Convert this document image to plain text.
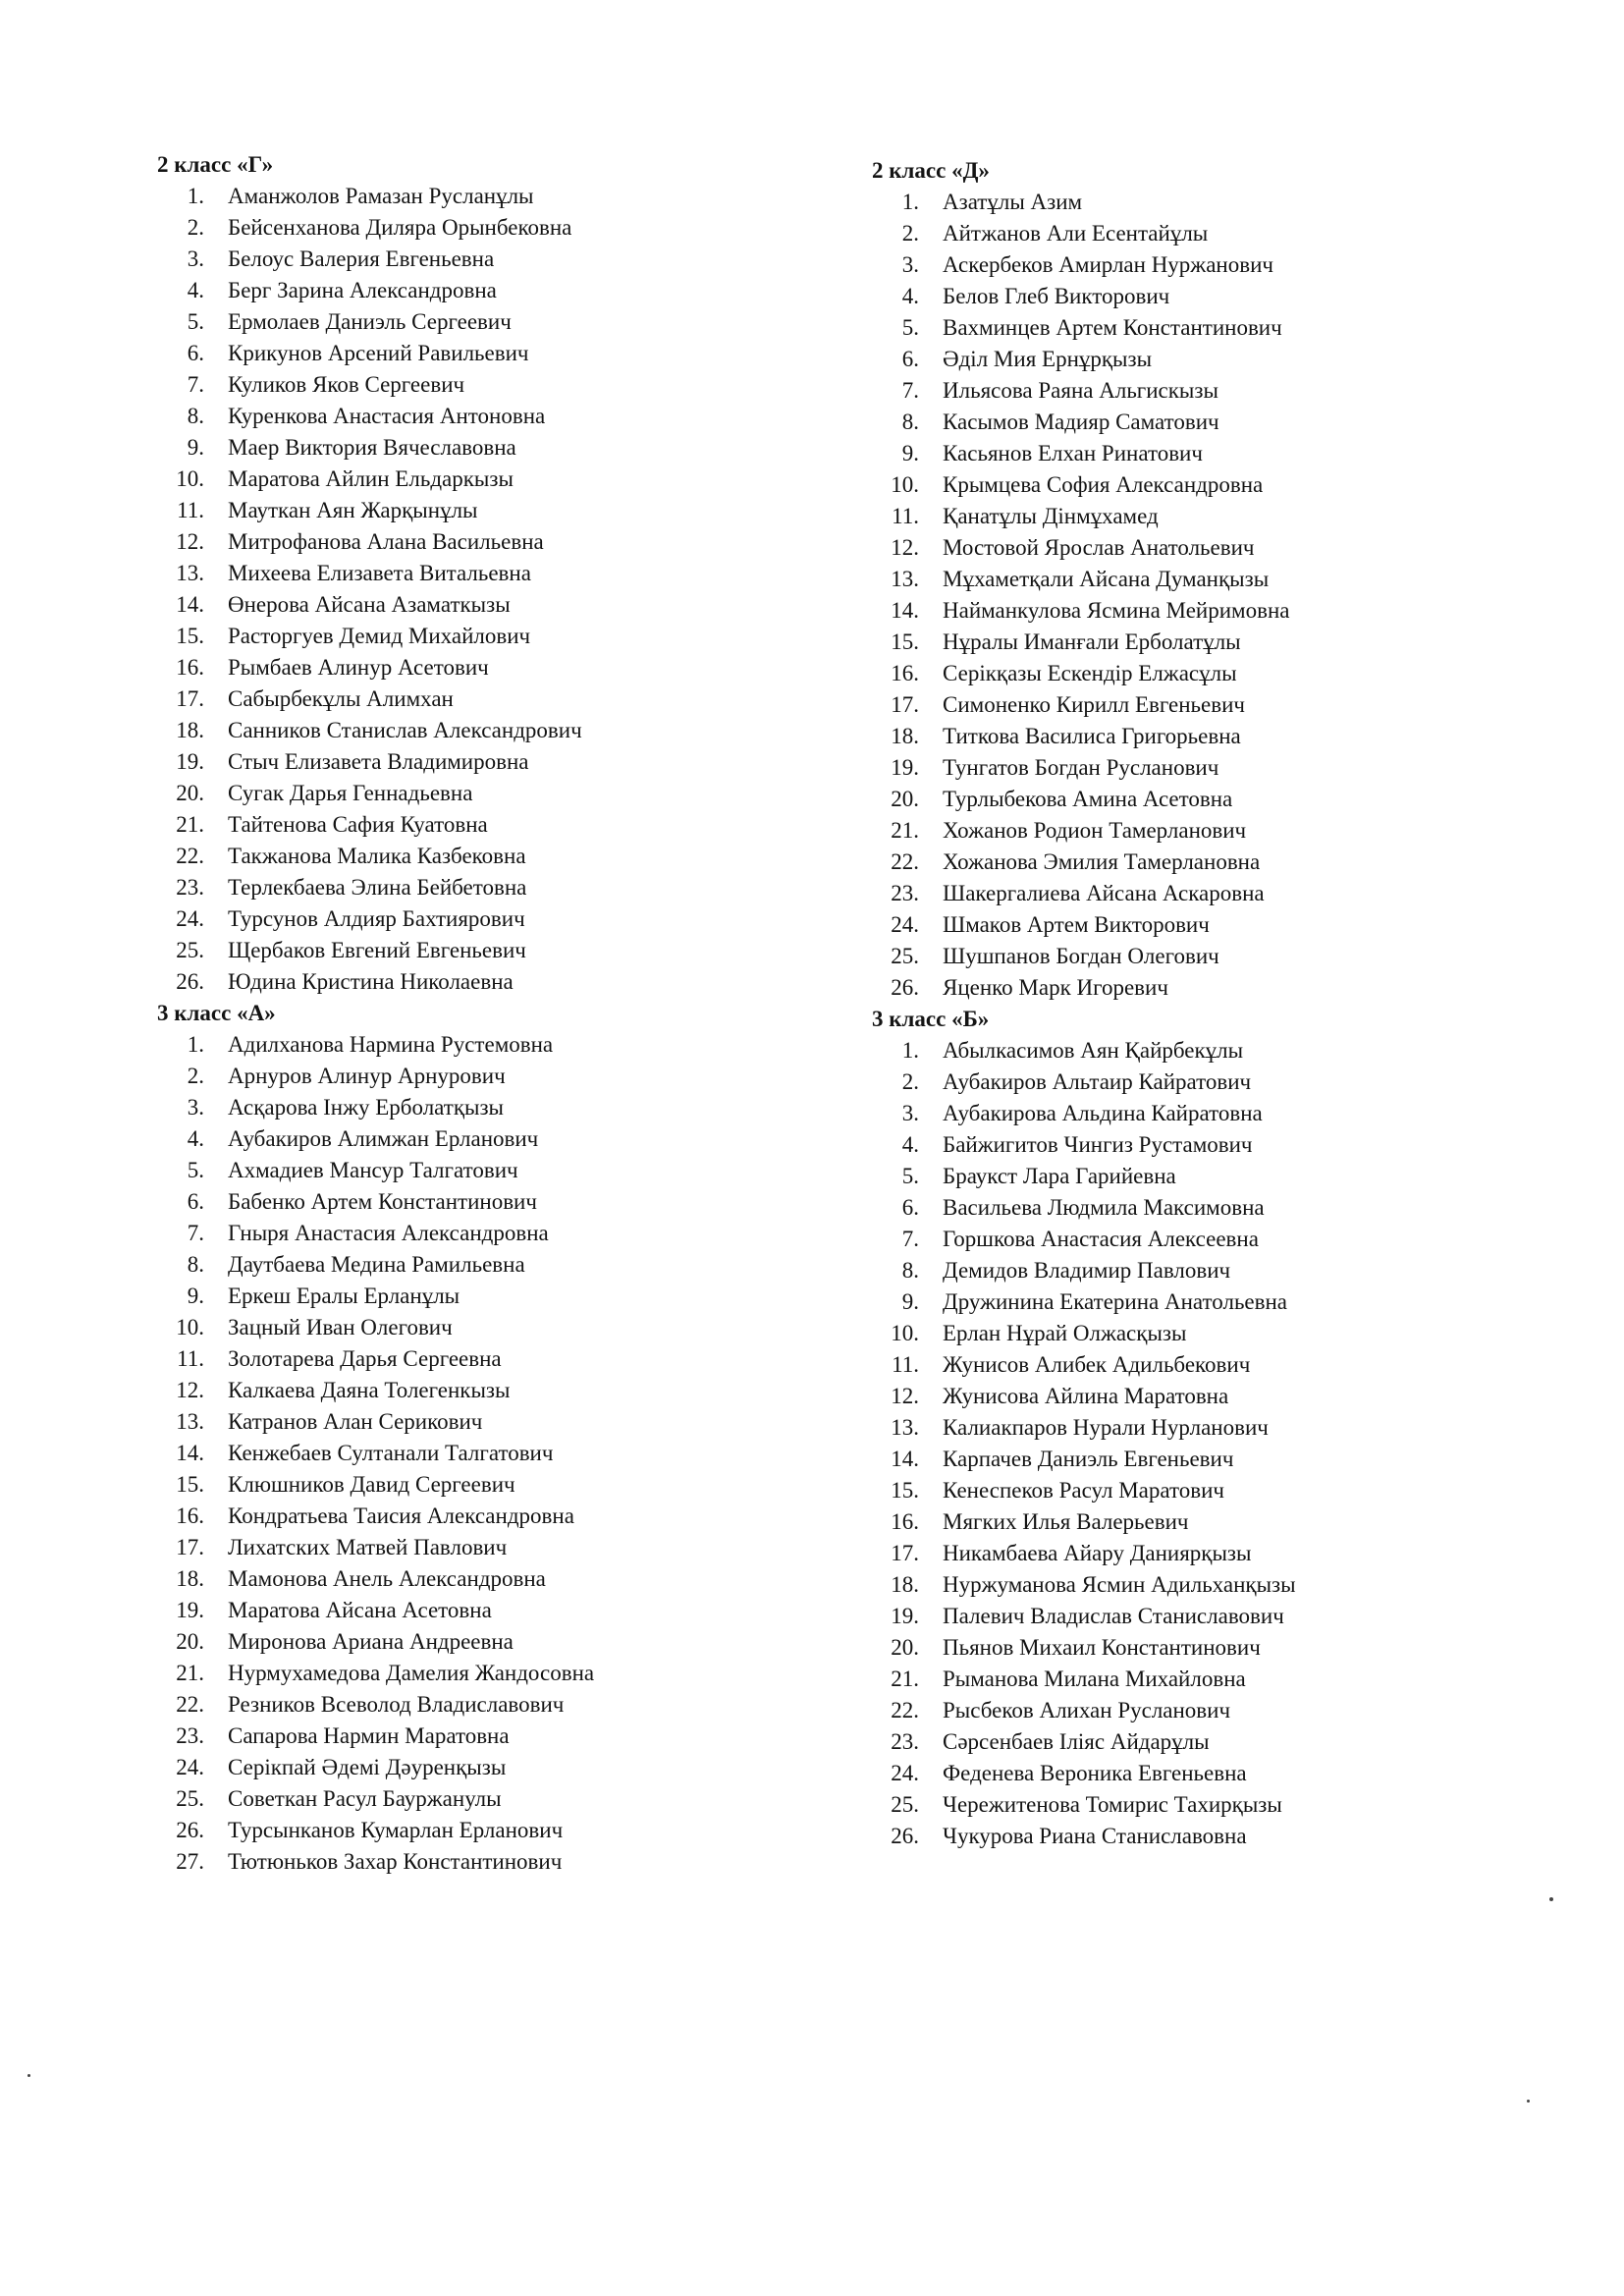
2 класс «Г»
1.	Аманжолов Рамазан Русланұлы
2.	Бейсенханова Диляра Орынбековна
3.	Белоус Валерия Евгеньевна
4.	Берг Зарина Александровна
5.	Ермолаев Даниэль Сергеевич
6.	Крикунов Арсений Равильевич
7.	Куликов Яков Сергеевич
8.	Куренкова Анастасия Антоновна
9.	Маер Виктория Вячеславовна
10.	Маратова Айлин Ельдаркызы
11.	Мауткан Аян Жарқынұлы
12.	Митрофанова Алана Васильевна
13.	Михеева Елизавета Витальевна
14.	Өнерова Айсана Азаматкызы
15.	Расторгуев Демид Михайлович
16.	Рымбаев Алинур Асетович
17.	Сабырбекұлы Алимхан
18.	Санников Станислав Александрович
19.	Стыч Елизавета Владимировна
20.	Сугак Дарья Геннадьевна
21.	Тайтенова Сафия Куатовна
22.	Такжанова Малика Казбековна
23.	Терлекбаева Элина Бейбетовна
24.	Турсунов Алдияр Бахтиярович
25.	Щербаков Евгений Евгеньевич
26.	Юдина Кристина Николаевна
3 класс «А»
1.	Адилханова Нармина Рустемовна
2.	Арнуров Алинур Арнурович
3.	Асқарова Інжу Ерболатқызы
4.	Аубакиров Алимжан Ерланович
5.	Ахмадиев Мансур Талгатович
6.	Бабенко Артем Константинович
7.	Гныря Анастасия Александровна
8.	Даутбаева Медина Рамильевна
9.	Еркеш Ералы Ерланұлы
10.	Зацный Иван Олегович
11.	Золотарева Дарья Сергеевна
12.	Калкаева Даяна Толегенкызы
13.	Катранов Алан Серикович
14.	Кенжебаев Султанали Талгатович
15.	Клюшников Давид Сергеевич
16.	Кондратьева Таисия Александровна
17.	Лихатских Матвей Павлович
18.	Мамонова Анель Александровна
19.	Маратова Айсана Асетовна
20.	Миронова Ариана Андреевна
21.	Нурмухамедова Дамелия Жандосовна
22.	Резников Всеволод Владиславович
23.	Сапарова Нармин Маратовна
24.	Серікпай Әдемі Дәуренқызы
25.	Советкан Расул Бауржанулы
26.	Турсынканов Кумарлан Ерланович
27.	Тютюньков Захар Константинович
2 класс «Д»
1.	Азатұлы Азим
2.	Айтжанов Али Есентайұлы
3.	Аскербеков Амирлан Нуржанович
4.	Белов Глеб Викторович
5.	Вахминцев Артем Константинович
6.	Әділ Мия Ернұрқызы
7.	Ильясова Раяна Альгискызы
8.	Касымов Мадияр Саматович
9.	Касьянов Елхан Ринатович
10.	Крымцева София Александровна
11.	Қанатұлы Дінмұхамед
12.	Мостовой Ярослав Анатольевич
13.	Мұхаметқали Айсана Думанқызы
14.	Найманкулова Ясмина Мейримовна
15.	Нұралы Иманғали Ерболатұлы
16.	Серікқазы Ескендір Елжасұлы
17.	Симоненко Кирилл Евгеньевич
18.	Титкова Василиса Григорьевна
19.	Тунгатов Богдан Русланович
20.	Турлыбекова Амина Асетовна
21.	Хожанов Родион Тамерланович
22.	Хожанова Эмилия Тамерлановна
23.	Шакергалиева Айсана Аскаровна
24.	Шмаков Артем Викторович
25.	Шушпанов Богдан Олегович
26.	Яценко Марк Игоревич
3 класс «Б»
1.	Абылкасимов Аян Қайрбекұлы
2.	Аубакиров Альтаир Кайратович
3.	Аубакирова Альдина Кайратовна
4.	Байжигитов Чингиз Рустамович
5.	Браукст Лара Гарийевна
6.	Васильева Людмила Максимовна
7.	Горшкова Анастасия Алексеевна
8.	Демидов Владимир Павлович
9.	Дружинина Екатерина Анатольевна
10.	Ерлан Нұрай Олжасқызы
11.	Жунисов Алибек Адильбекович
12.	Жунисова Айлина Маратовна
13.	Калиакпаров Нурали Нурланович
14.	Карпачев Даниэль Евгеньевич
15.	Кенеспеков Расул Маратович
16.	Мягких Илья Валерьевич
17.	Никамбаева Айару Даниярқызы
18.	Нуржуманова Ясмин Адильханқызы
19.	Палевич Владислав Станиславович
20.	Пьянов Михаил Константинович
21.	Рыманова Милана Михайловна
22.	Рысбеков Алихан Русланович
23.	Сәрсенбаев Іліяс Айдарұлы
24.	Феденева Вероника Евгеньевна
25.	Черeжитенова Томирис Тахирқызы
26.	Чукурова Риана Станиславовна
